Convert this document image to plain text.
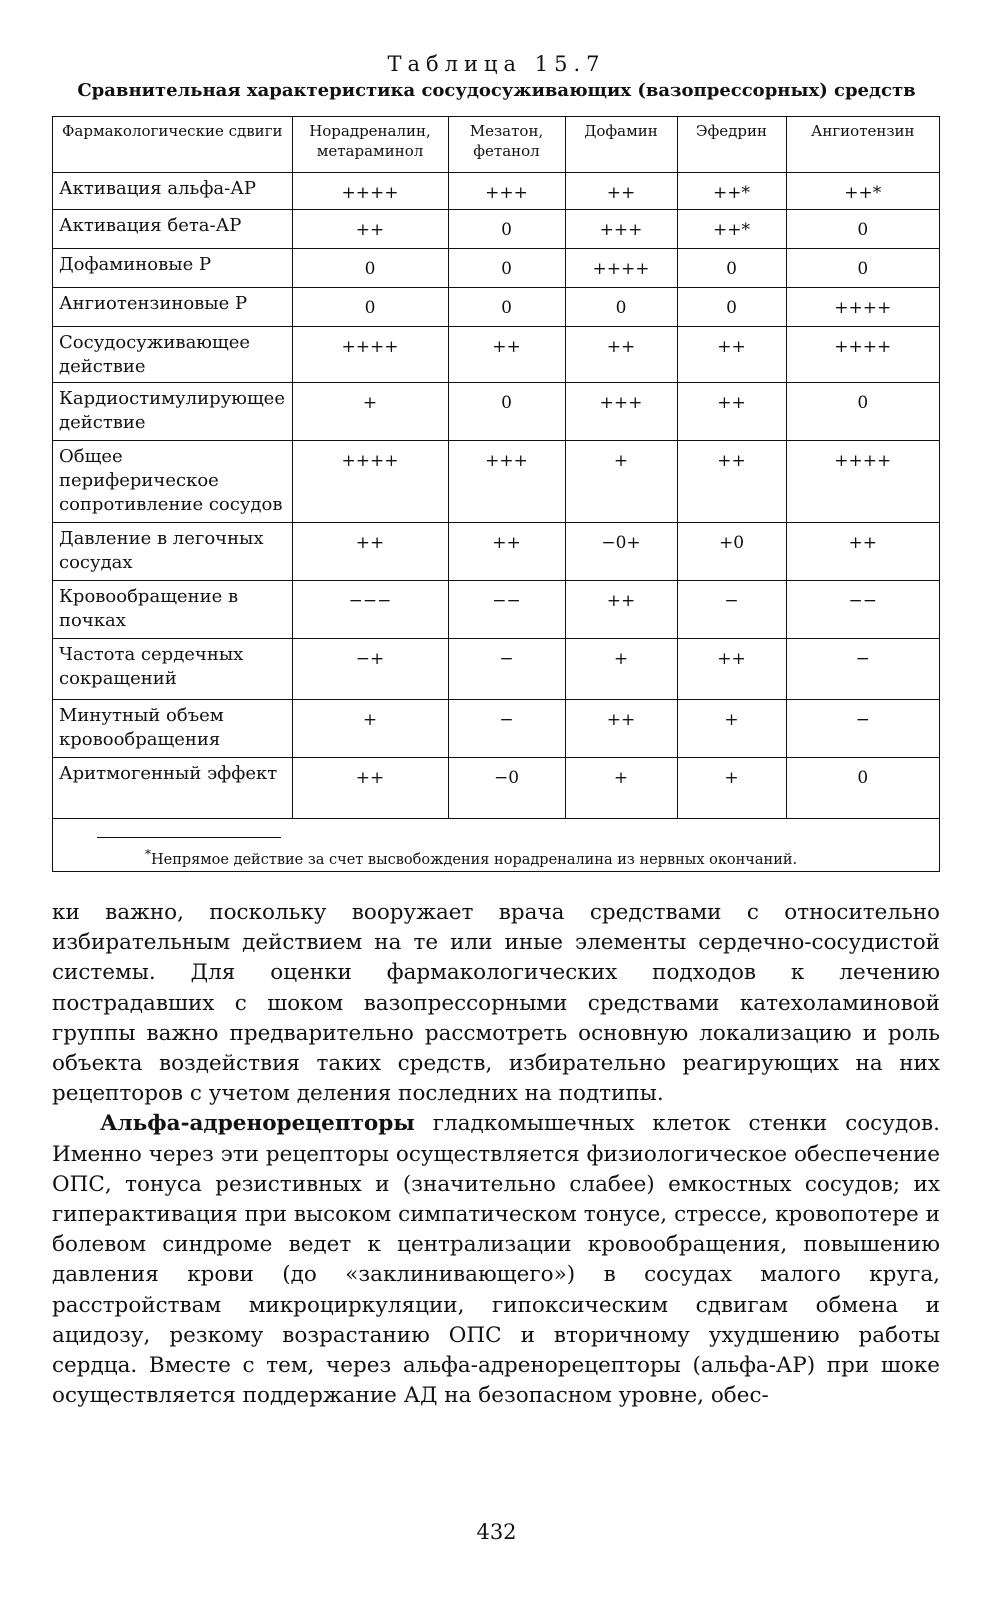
Таблица 15.7
Сравнительная характеристика сосудосуживающих (вазопрессорных) средств
Фармакологические сдвиги	Норадреналин, метараминол	Мезатон, фетанол	Дофамин	Эфедрин	Ангиотензин
Активация альфа-АР	++++	+++	++	++*	++*
Активация бета-АР	++	0	+++	++*	0
Дофаминовые Р	0	0	++++	0	0
Ангиотензиновые Р	0	0	0	0	++++
Сосудосуживающее действие	++++	++	++	++	++++
Кардиостимулирующее действие	+	0	+++	++	0
Общее периферическое сопротивление сосудов	++++	+++	+	++	++++
Давление в легочных сосудах	++	++	−0+	+0	++
Кровообращение в почках	−−−	−−	++	−	−−
Частота сердечных сокращений	−+	−	+	++	−
Минутный объем кровообращения	+	−	++	+	−
Аритмогенный эффект	++	−0	+	+	0
*Непрямое действие за счет высвобождения норадреналина из нервных окончаний.

ки важно, поскольку вооружает врача средствами с относительно избирательным действием на те или иные элементы сердечно-сосудистой системы. Для оценки фармакологических подходов к лечению пострадавших с шоком вазопрессорными средствами катехоламиновой группы важно предварительно рассмотреть основную локализацию и роль объекта воздействия таких средств, избирательно реагирующих на них рецепторов с учетом деления последних на подтипы.

Альфа-адренорецепторы гладкомышечных клеток стенки сосудов. Именно через эти рецепторы осуществляется физиологическое обеспечение ОПС, тонуса резистивных и (значительно слабее) емкостных сосудов; их гиперактивация при высоком симпатическом тонусе, стрессе, кровопотере и болевом синдроме ведет к централизации кровообращения, повышению давления крови (до «заклинивающего») в сосудах малого круга, расстройствам микроциркуляции, гипоксическим сдвигам обмена и ацидозу, резкому возрастанию ОПС и вторичному ухудшению работы сердца. Вместе с тем, через альфа-адренорецепторы (альфа-АР) при шоке осуществляется поддержание АД на безопасном уровне, обес-

432
